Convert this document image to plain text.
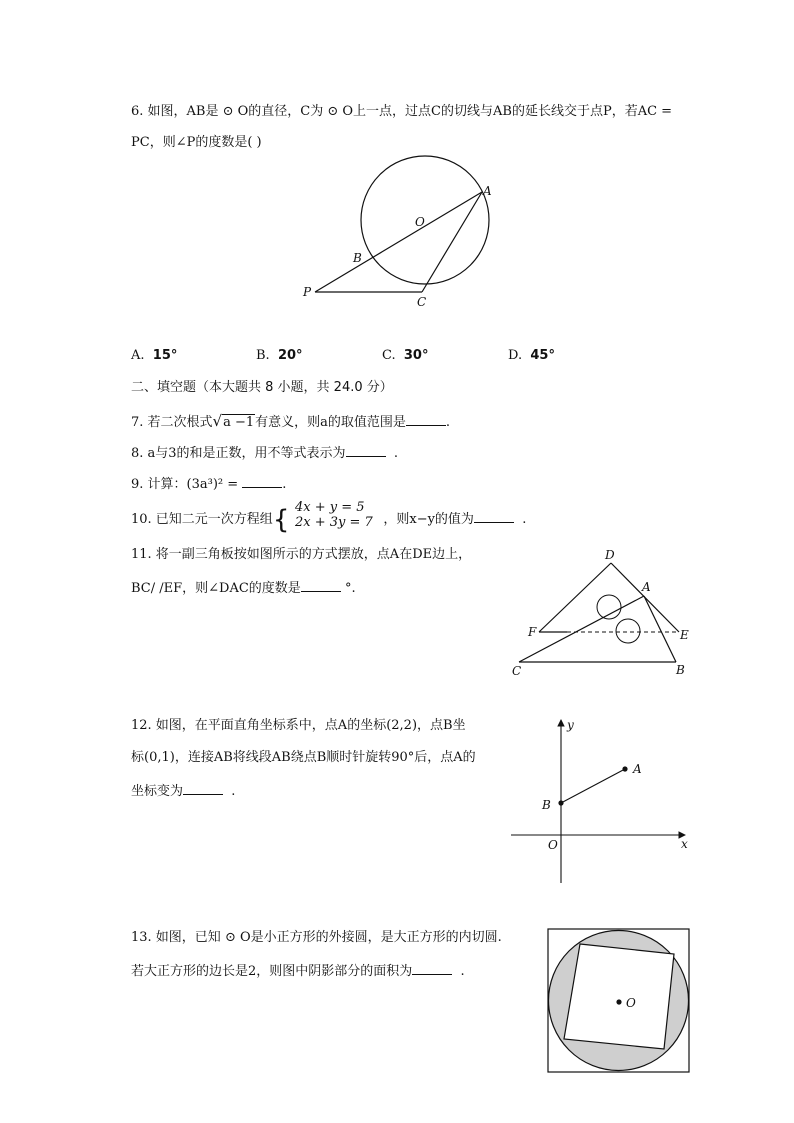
6. 如图，AB是 ⊙ O的直径，C为 ⊙ O上一点，过点C的切线与AB的延长线交于点P，若AC =
PC，则∠P的度数是( )
A
O
B
P
C
A. 15°	B. 20°	C. 30°	D. 45°
二、填空题（本大题共 8 小题，共 24.0 分）
7. 若二次根式√a −1有意义，则a的取值范围是	.
8. a与3的和是正数，用不等式表示为	.
9. 计算：(3a³)² =	.
10. 已知二元一次方程组{	，则x−y的值为	.
4x + y = 5
2x + 3y = 7
11. 将一副三角板按如图所示的方式摆放，点A在DE边上，
BC/ /EF，则∠DAC的度数是	°.
D
A
F	E
C	B
12. 如图，在平面直角坐标系中，点A的坐标(2,2)，点B坐
标(0,1)，连接AB将线段AB绕点B顺时针旋转90°后，点A的
坐标变为	.
y
x
O
A
B
13. 如图，已知 ⊙ O是小正方形的外接圆，是大正方形的内切圆.
若大正方形的边长是2，则图中阴影部分的面积为	.
O
